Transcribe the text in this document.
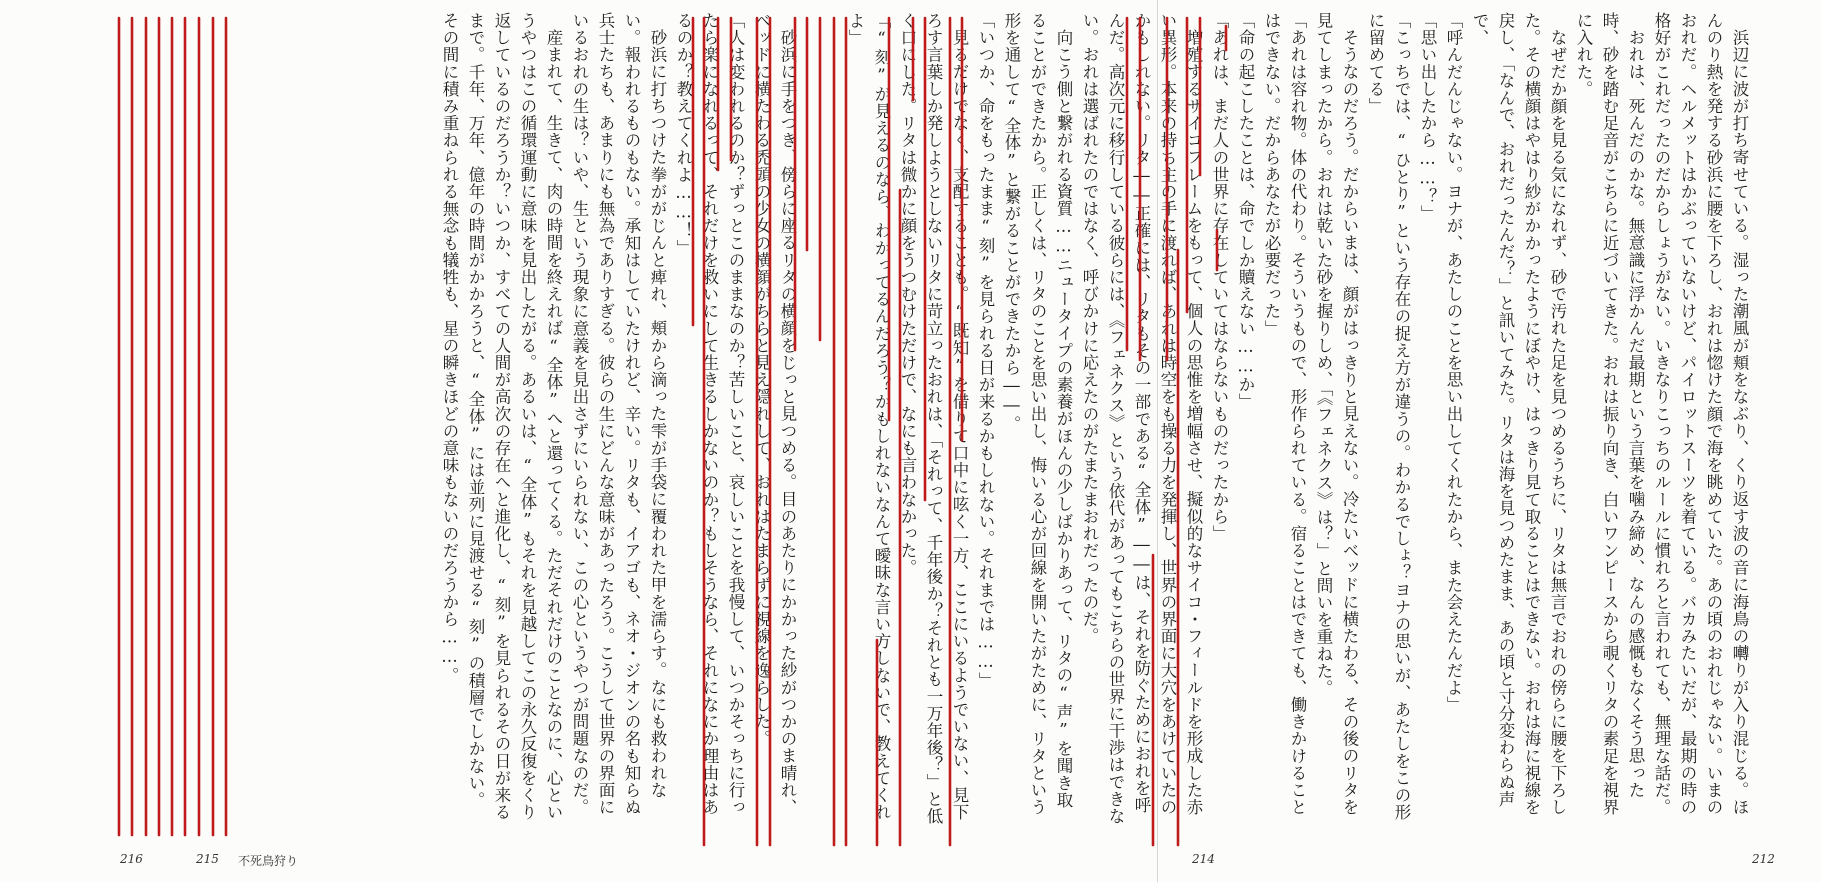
浜辺に波が打ち寄せている。湿った潮風が頬をなぶり、くり返す波の音に海鳥の囀りが入り混じる。ほんのり熱を発する砂浜に腰を下ろし、おれは惚けた顔で海を眺めていた。あの頃のおれじゃない。いまのおれだ。ヘルメットはかぶっていないけど、パイロットスーツを着ている。バカみたいだが、最期の時の格好がこれだったのだからしょうがない。いきなりこっちのルールに慣れろと言われても、無理な話だ。

おれは、死んだのかな。無意識に浮かんだ最期という言葉を噛み締め、なんの感慨もなくそう思った時、砂を踏む足音がこちらに近づいてきた。おれは振り向き、白いワンピースから覗くリタの素足を視界に入れた。

なぜだか顔を見る気になれず、砂で汚れた足を見つめるうちに、リタは無言でおれの傍らに腰を下ろした。その横顔はやはり紗がかかったようにぼやけ、はっきり見て取ることはできない。おれは海に視線を戻し、「なんで、おれだったんだ？」と訊いてみた。リタは海を見つめたまま、あの頃と寸分変わらぬ声で、

「呼んだんじゃない。ヨナが、あたしのことを思い出してくれたから、また会えたんだよ」

「思い出したから……？」

「こっちでは、“ひとり”という存在の捉え方が違うの。わかるでしょ？ヨナの思いが、あたしをこの形に留めてる」

そうなのだろう。だからいまは、顔がはっきりと見えない。冷たいベッドに横たわる、その後のリタを見てしまったから。おれは乾いた砂を握りしめ、「《フェネクス》は？」と問いを重ねた。

「あれは容れ物。体の代わり。そういうもので、形作られている。宿ることはできても、働きかけることはできない。だからあなたが必要だった」

「命の起こしたことは、命でしか贖えない……か」

「あれは、まだ人の世界に存在していてはならないものだったから」

増殖するサイコフレームをもって、個人の思惟を増幅させ、擬似的なサイコ・フィールドを形成した赤い異形。本来の持ち主の手に渡れば、あれは時空をも操る力を発揮し、世界の界面に大穴をあけていたのかもしれない。リタ――正確には、リタもその一部である“全体”――は、それを防ぐためにおれを呼んだ。高次元に移行している彼らには、《フェネクス》という依代があってもこちらの世界に干渉はできない。おれは選ばれたのではなく、呼びかけに応えたのがたまたまおれだったのだ。

向こう側と繋がれる資質……ニュータイプの素養がほんの少しばかりあって、リタの“声”を聞き取ることができたから。正しくは、リタのことを思い出し、悔いる心が回線を開いたがために、リタという形を通して“全体”と繋がることができたから――。

「いつか、命をもったまま“刻”を見られる日が来るかもしれない。それまでは……」

見るだけでなく、支配することも。“既知”を借りて口中に呟く一方、ここにいるようでいない、見下ろす言葉しか発しようとしないリタに苛立ったおれは、「それって、千年後か？それとも一万年後？」と低く口にした。リタは微かに顔をうつむけただけで、なにも言わなかった。

「“刻”が見えるのなら、わかってるんだろう？かもしれないなんて曖昧な言い方しないで、教えてくれよ」

砂浜に手をつき、傍らに座るリタの横顔をじっと見つめる。目のあたりにかかった紗がつかのま晴れ、ベッドに横たわる禿頭の少女の横顔がちらと見え隠れして、おれはたまらずに視線を逸らした。

「人は変われるのか？ずっとこのままなのか？苦しいこと、哀しいことを我慢して、いつかそっちに行ったら楽になれるって、それだけを救いにして生きるしかないのか？もしそうなら、それになにか理由はあるのか？教えてくれよ……！」

砂浜に打ちつけた拳ががじんと痺れ、頬から滴った雫が手袋に覆われた甲を濡らす。なにも救われない。報われるものもない。承知はしていたけれど、辛い。リタも、イアゴも、ネオ・ジオンの名も知らぬ兵士たちも、あまりにも無為でありすぎる。彼らの生にどんな意味があったろう。こうして世界の界面にいるおれの生は？いや、生という現象に意義を見出さずにいられない、この心というやつが問題なのだ。

産まれて、生きて、肉の時間を終えれば“全体”へと還ってくる。ただそれだけのことなのに、心というやつはこの循環運動に意味を見出したがる。あるいは、“全体”もそれを見越してこの永久反復をくり返しているのだろうか？いつか、すべての人間が高次の存在へと進化し、“刻”を見られるその日が来るまで。千年、万年、億年の時間がかかろうと、“全体”には並列に見渡せる“刻”の積層でしかない。その間に積み重ねられる無念も犠牲も、星の瞬きほどの意味もないのだろうから……。

212
214
215 不死鳥狩り
216
